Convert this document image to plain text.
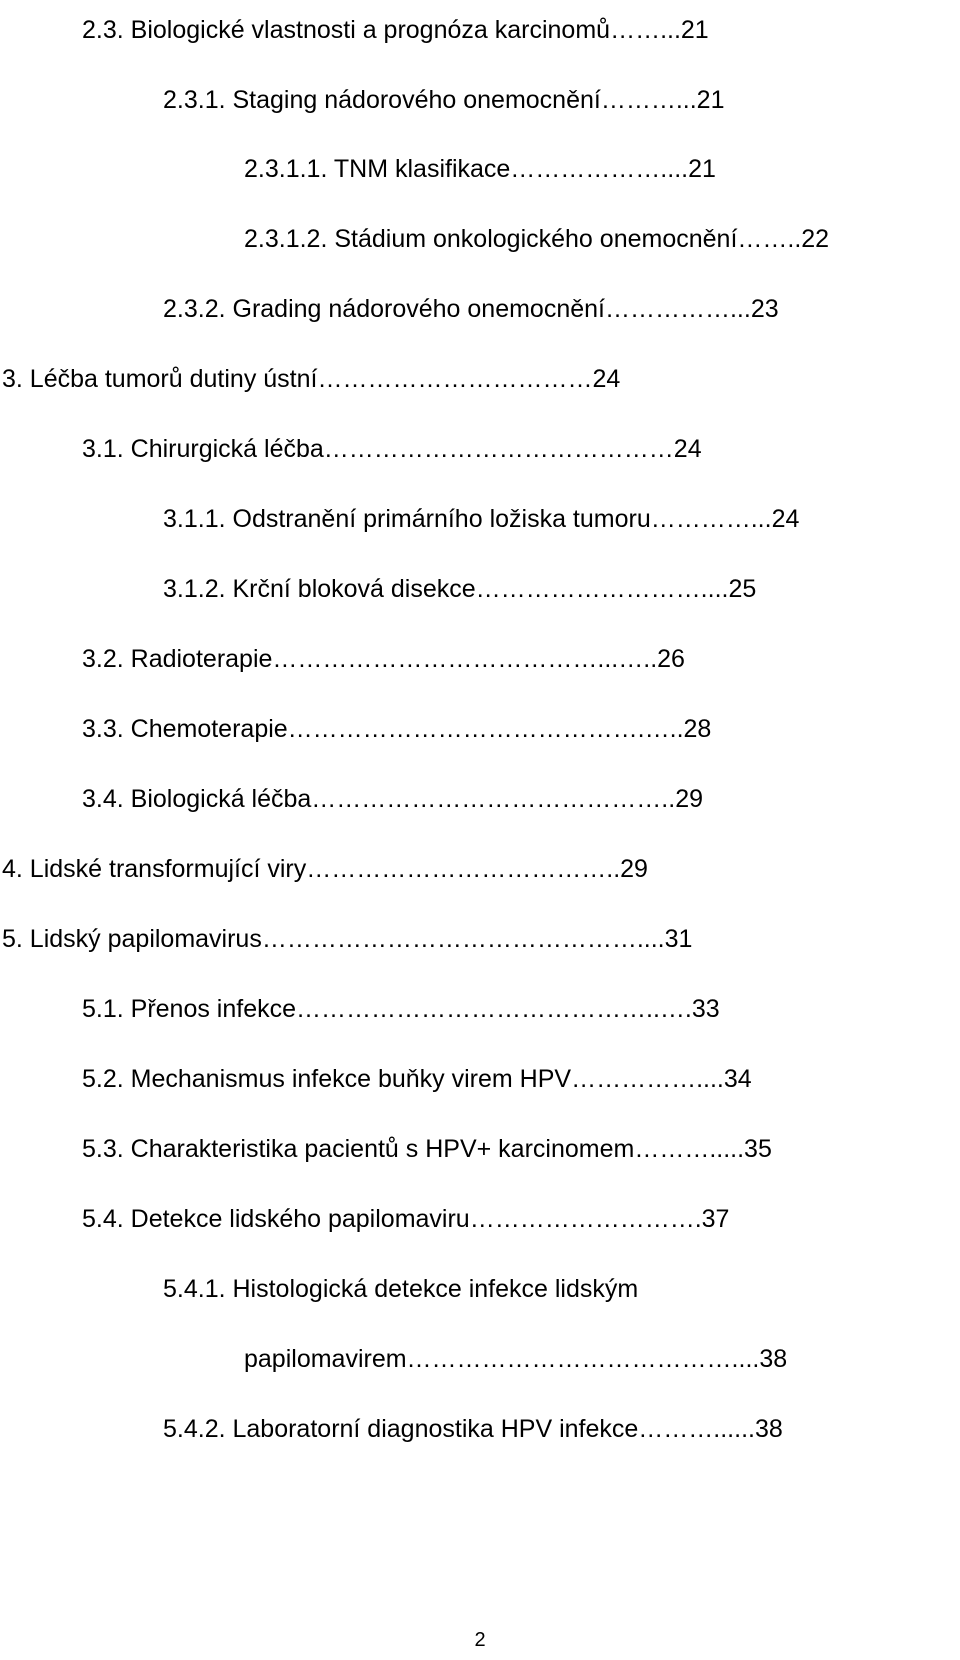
2.3. Biologické vlastnosti a prognóza karcinomů……...21
2.3.1. Staging nádorového onemocnění………...21
2.3.1.1. TNM klasifikace………………....21
2.3.1.2. Stádium onkologického onemocnění……..22
2.3.2. Grading nádorového onemocnění……………...23
3. Léčba tumorů dutiny ústní……………………………24
3.1. Chirurgická léčba……………………………………24
3.1.1. Odstranění primárního ložiska tumoru…………...24
3.1.2. Krční bloková disekce………………………....25
3.2. Radioterapie…………………………………...…..26
3.3. Chemoterapie…………………………………….…..28
3.4. Biologická léčba……………………………………..29
4. Lidské transformující viry………………………………..29
5. Lidský papilomavirus………………………………………....31
5.1. Přenos infekce……………………………………..….33
5.2. Mechanismus infekce buňky virem HPV……………....34
5.3. Charakteristika pacientů s HPV+ karcinomem……….....35
5.4. Detekce lidského papilomaviru……………………….37
5.4.1. Histologická detekce infekce lidským
papilomavirem…………………………………....38
5.4.2. Laboratorní diagnostika HPV infekce………......38
2
